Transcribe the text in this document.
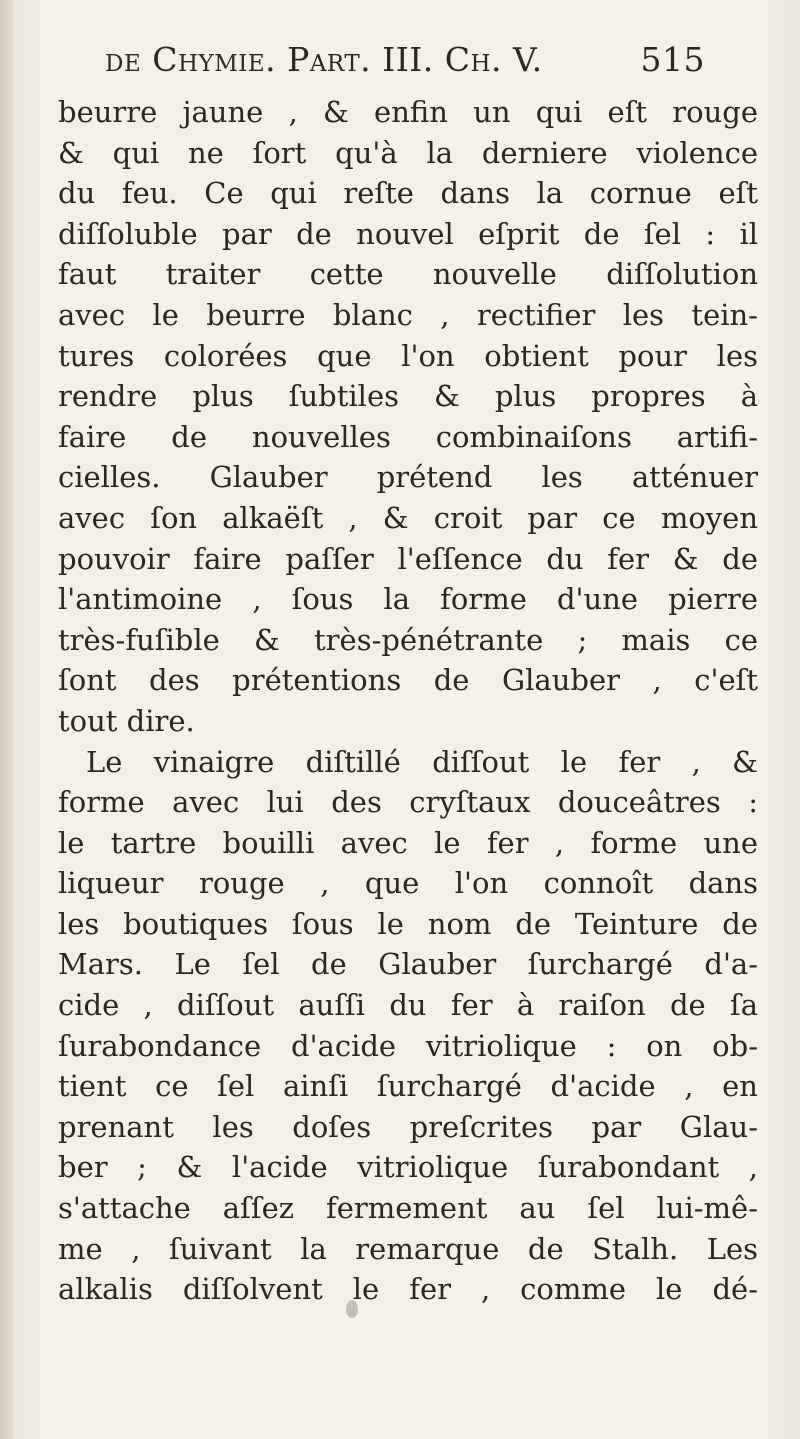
de Chymie. Part. III. Ch. V.	515
beurre jaune , & enfin un qui eſt rouge
& qui ne ſort qu'à la derniere violence
du feu. Ce qui reſte dans la cornue eſt
diſſoluble par de nouvel eſprit de ſel : il
faut traiter cette nouvelle diſſolution
avec le beurre blanc , rectifier les tein-
tures colorées que l'on obtient pour les
rendre plus ſubtiles & plus propres à
faire de nouvelles combinaiſons artifi-
cielles. Glauber prétend les atténuer
avec ſon alkaëſt , & croit par ce moyen
pouvoir faire paſſer l'eſſence du fer & de
l'antimoine , ſous la forme d'une pierre
très-fuſible & très-pénétrante ; mais ce
ſont des prétentions de Glauber , c'eſt
tout dire.
Le vinaigre diſtillé diſſout le fer , &
forme avec lui des cryſtaux douceâtres :
le tartre bouilli avec le fer , forme une
liqueur rouge , que l'on connoît dans
les boutiques ſous le nom de Teinture de
Mars. Le ſel de Glauber ſurchargé d'a-
cide , diſſout auſſi du fer à raiſon de ſa
ſurabondance d'acide vitriolique : on ob-
tient ce ſel ainſi ſurchargé d'acide , en
prenant les doſes preſcrites par Glau-
ber ; & l'acide vitriolique ſurabondant ,
s'attache aſſez fermement au ſel lui-mê-
me , ſuivant la remarque de Stalh. Les
alkalis diſſolvent le fer , comme le dé-
